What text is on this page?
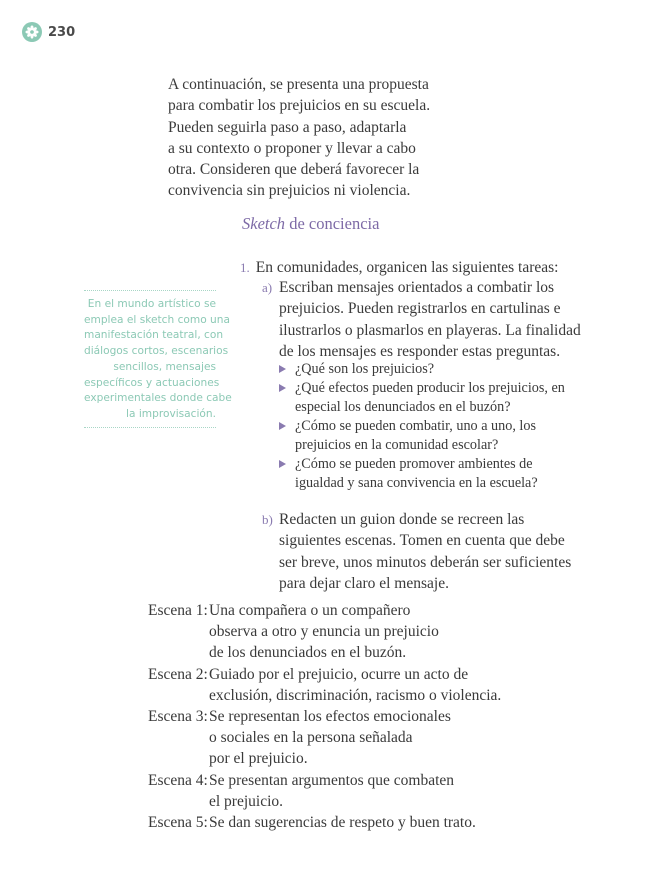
230
A continuación, se presenta una propuesta
para combatir los prejuicios en su escuela.
Pueden seguirla paso a paso, adaptarla
a su contexto o proponer y llevar a cabo
otra. Consideren que deberá favorecer la
convivencia sin prejuicios ni violencia.
Sketch de conciencia
En el mundo artístico se
emplea el sketch como una
manifestación teatral, con
diálogos cortos, escenarios
sencillos, mensajes
específicos y actuaciones
experimentales donde cabe
la improvisación.
1. En comunidades, organicen las siguientes tareas:
a) Escriban mensajes orientados a combatir los
prejuicios. Pueden registrarlos en cartulinas e
ilustrarlos o plasmarlos en playeras. La finalidad
de los mensajes es responder estas preguntas.
¿Qué son los prejuicios?
¿Qué efectos pueden producir los prejuicios, en
especial los denunciados en el buzón?
¿Cómo se pueden combatir, uno a uno, los
prejuicios en la comunidad escolar?
¿Cómo se pueden promover ambientes de
igualdad y sana convivencia en la escuela?
b) Redacten un guion donde se recreen las
siguientes escenas. Tomen en cuenta que debe
ser breve, unos minutos deberán ser suficientes
para dejar claro el mensaje.
Escena 1: Una compañera o un compañero
observa a otro y enuncia un prejuicio
de los denunciados en el buzón.
Escena 2: Guiado por el prejuicio, ocurre un acto de
exclusión, discriminación, racismo o violencia.
Escena 3: Se representan los efectos emocionales
o sociales en la persona señalada
por el prejuicio.
Escena 4: Se presentan argumentos que combaten
el prejuicio.
Escena 5: Se dan sugerencias de respeto y buen trato.
